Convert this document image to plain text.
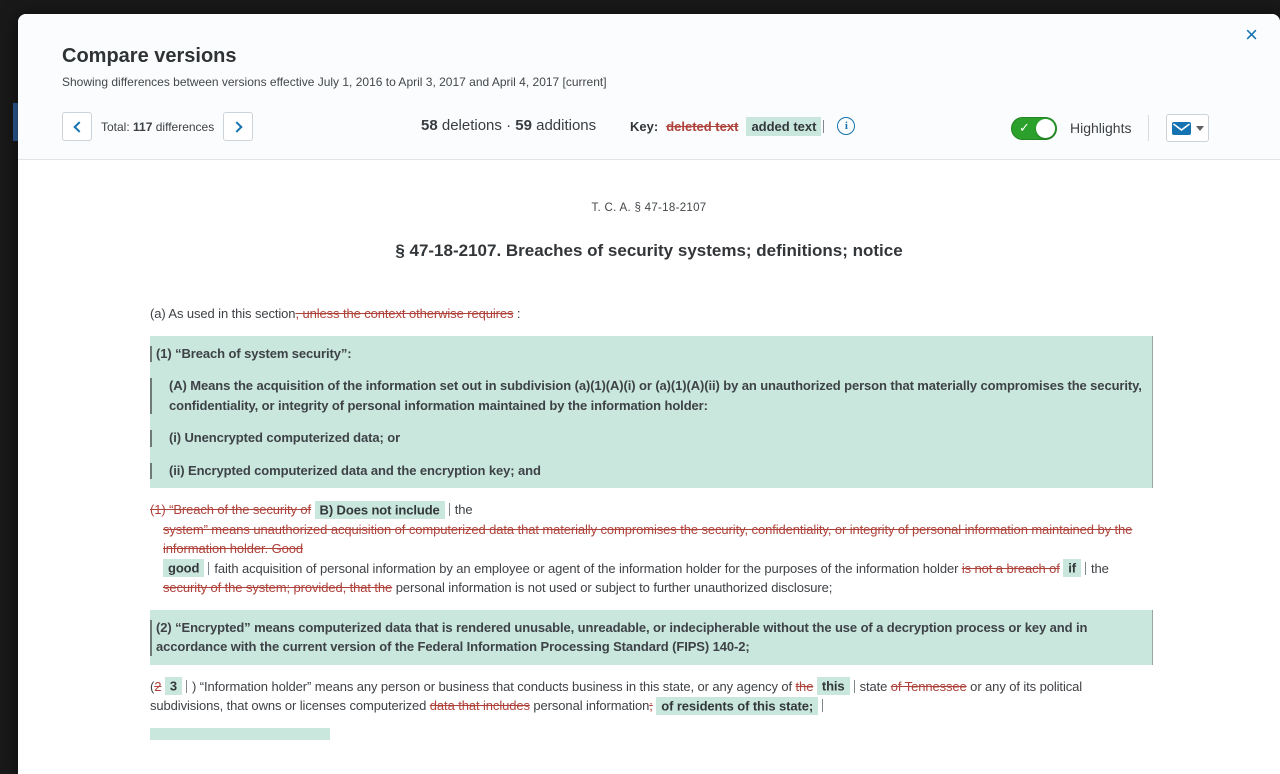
×
Compare versions
Showing differences between versions effective July 1, 2016 to April 3, 2017 and April 4, 2017 [current]
Total: 117 differences	58 deletions · 59 additions	Key: deleted text	added text	i	✓	Highlights
T. C. A. § 47-18-2107
§ 47-18-2107. Breaches of security systems; definitions; notice

(a) As used in this section, unless the context otherwise requires :

(1) “Breach of system security”:

(A) Means the acquisition of the information set out in subdivision (a)(1)(A)(i) or (a)(1)(A)(ii) by an unauthorized person that materially compromises the security, confidentiality, or integrity of personal information maintained by the information holder:

(i) Unencrypted computerized data; or

(ii) Encrypted computerized data and the encryption key; and

(1) “Breach of the security of B) Does not include the
system” means unauthorized acquisition of computerized data that materially compromises the security, confidentiality, or integrity of personal information maintained by the information holder. Good
good faith acquisition of personal information by an employee or agent of the information holder for the purposes of the information holder is not a breach of if the security of the system; provided, that the personal information is not used or subject to further unauthorized disclosure;

(2) “Encrypted” means computerized data that is rendered unusable, unreadable, or indecipherable without the use of a decryption process or key and in accordance with the current version of the Federal Information Processing Standard (FIPS) 140-2;

(2 3 ) “Information holder” means any person or business that conducts business in this state, or any agency of the this state of Tennessee or any of its political subdivisions, that owns or licenses computerized data that includes personal information; of residents of this state;
